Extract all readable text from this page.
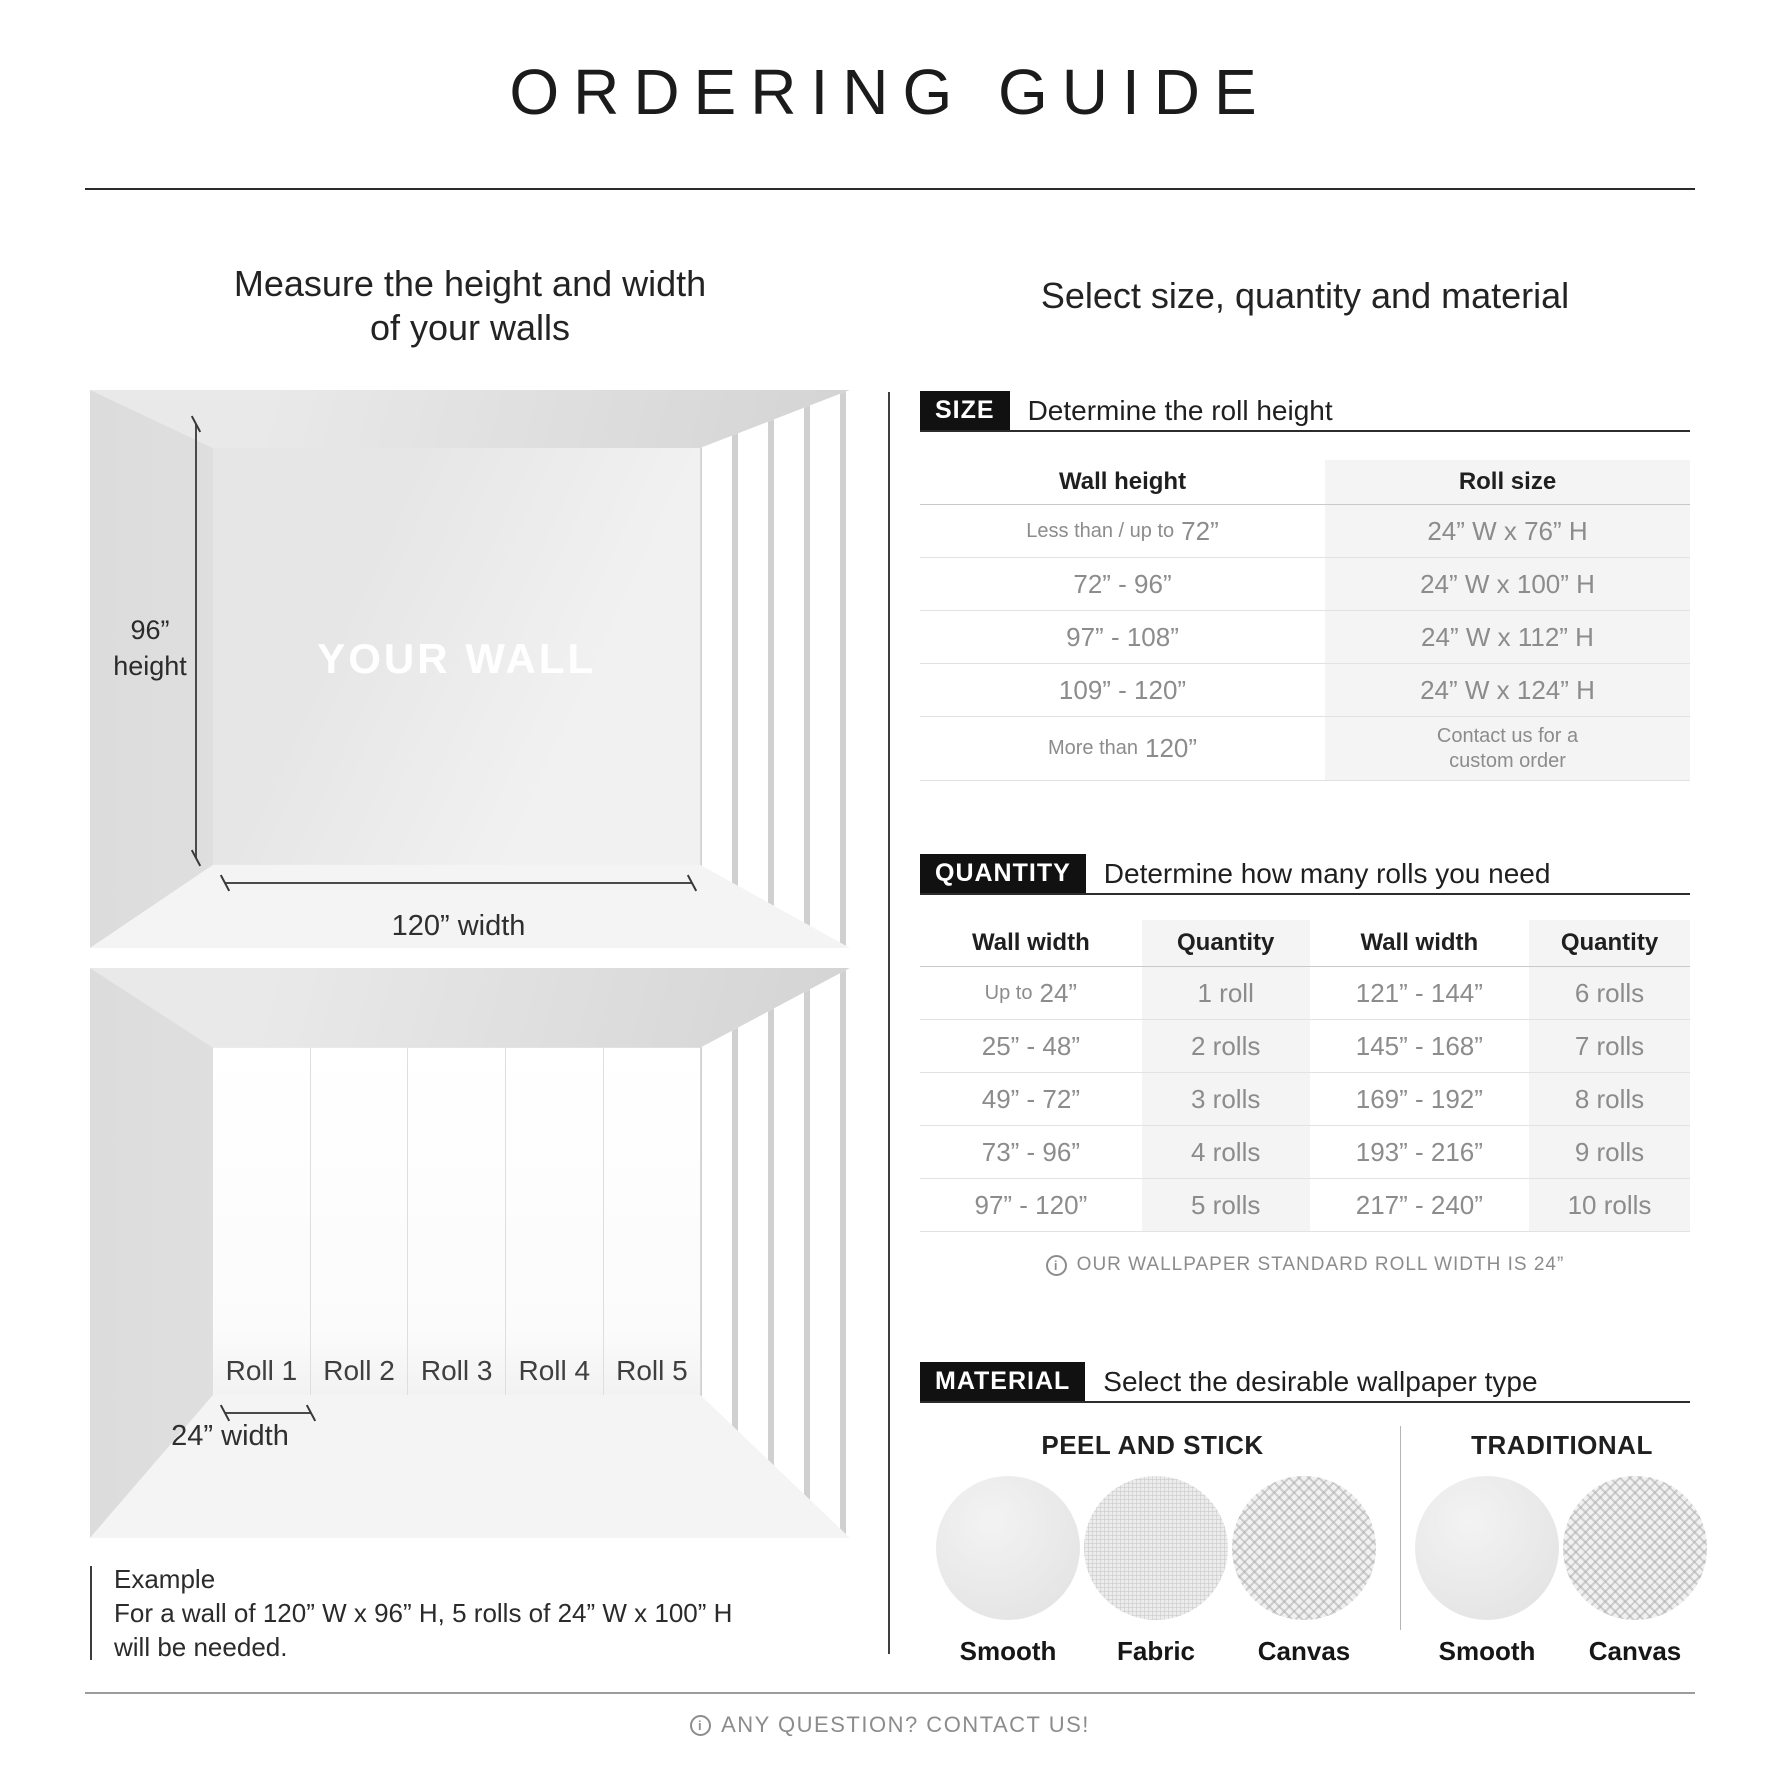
ORDERING GUIDE
Measure the height and width
of your walls
YOUR WALL
96”
height
120” width
Roll 1 Roll 2 Roll 3 Roll 4 Roll 5
24” width
Example
For a wall of 120” W x 96” H, 5 rolls of 24” W x 100” H
will be needed.
Select size, quantity and material
SIZE	Determine the roll height
Wall height	Roll size
Less than / up to 72”	24” W x 76” H
72” - 96”	24” W x 100” H
97” - 108”	24” W x 112” H
109” - 120”	24” W x 124” H
More than 120”	Contact us for a
custom order
QUANTITY	Determine how many rolls you need
Wall width	Quantity	Wall width	Quantity
Up to 24”	1 roll	121” - 144”	6 rolls
25” - 48”	2 rolls	145” - 168”	7 rolls
49” - 72”	3 rolls	169” - 192”	8 rolls
73” - 96”	4 rolls	193” - 216”	9 rolls
97” - 120”	5 rolls	217” - 240”	10 rolls
i OUR WALLPAPER STANDARD ROLL WIDTH IS 24”
MATERIAL	Select the desirable wallpaper type
PEEL AND STICK	TRADITIONAL
Smooth	Fabric	Canvas	Smooth	Canvas
i ANY QUESTION? CONTACT US!
